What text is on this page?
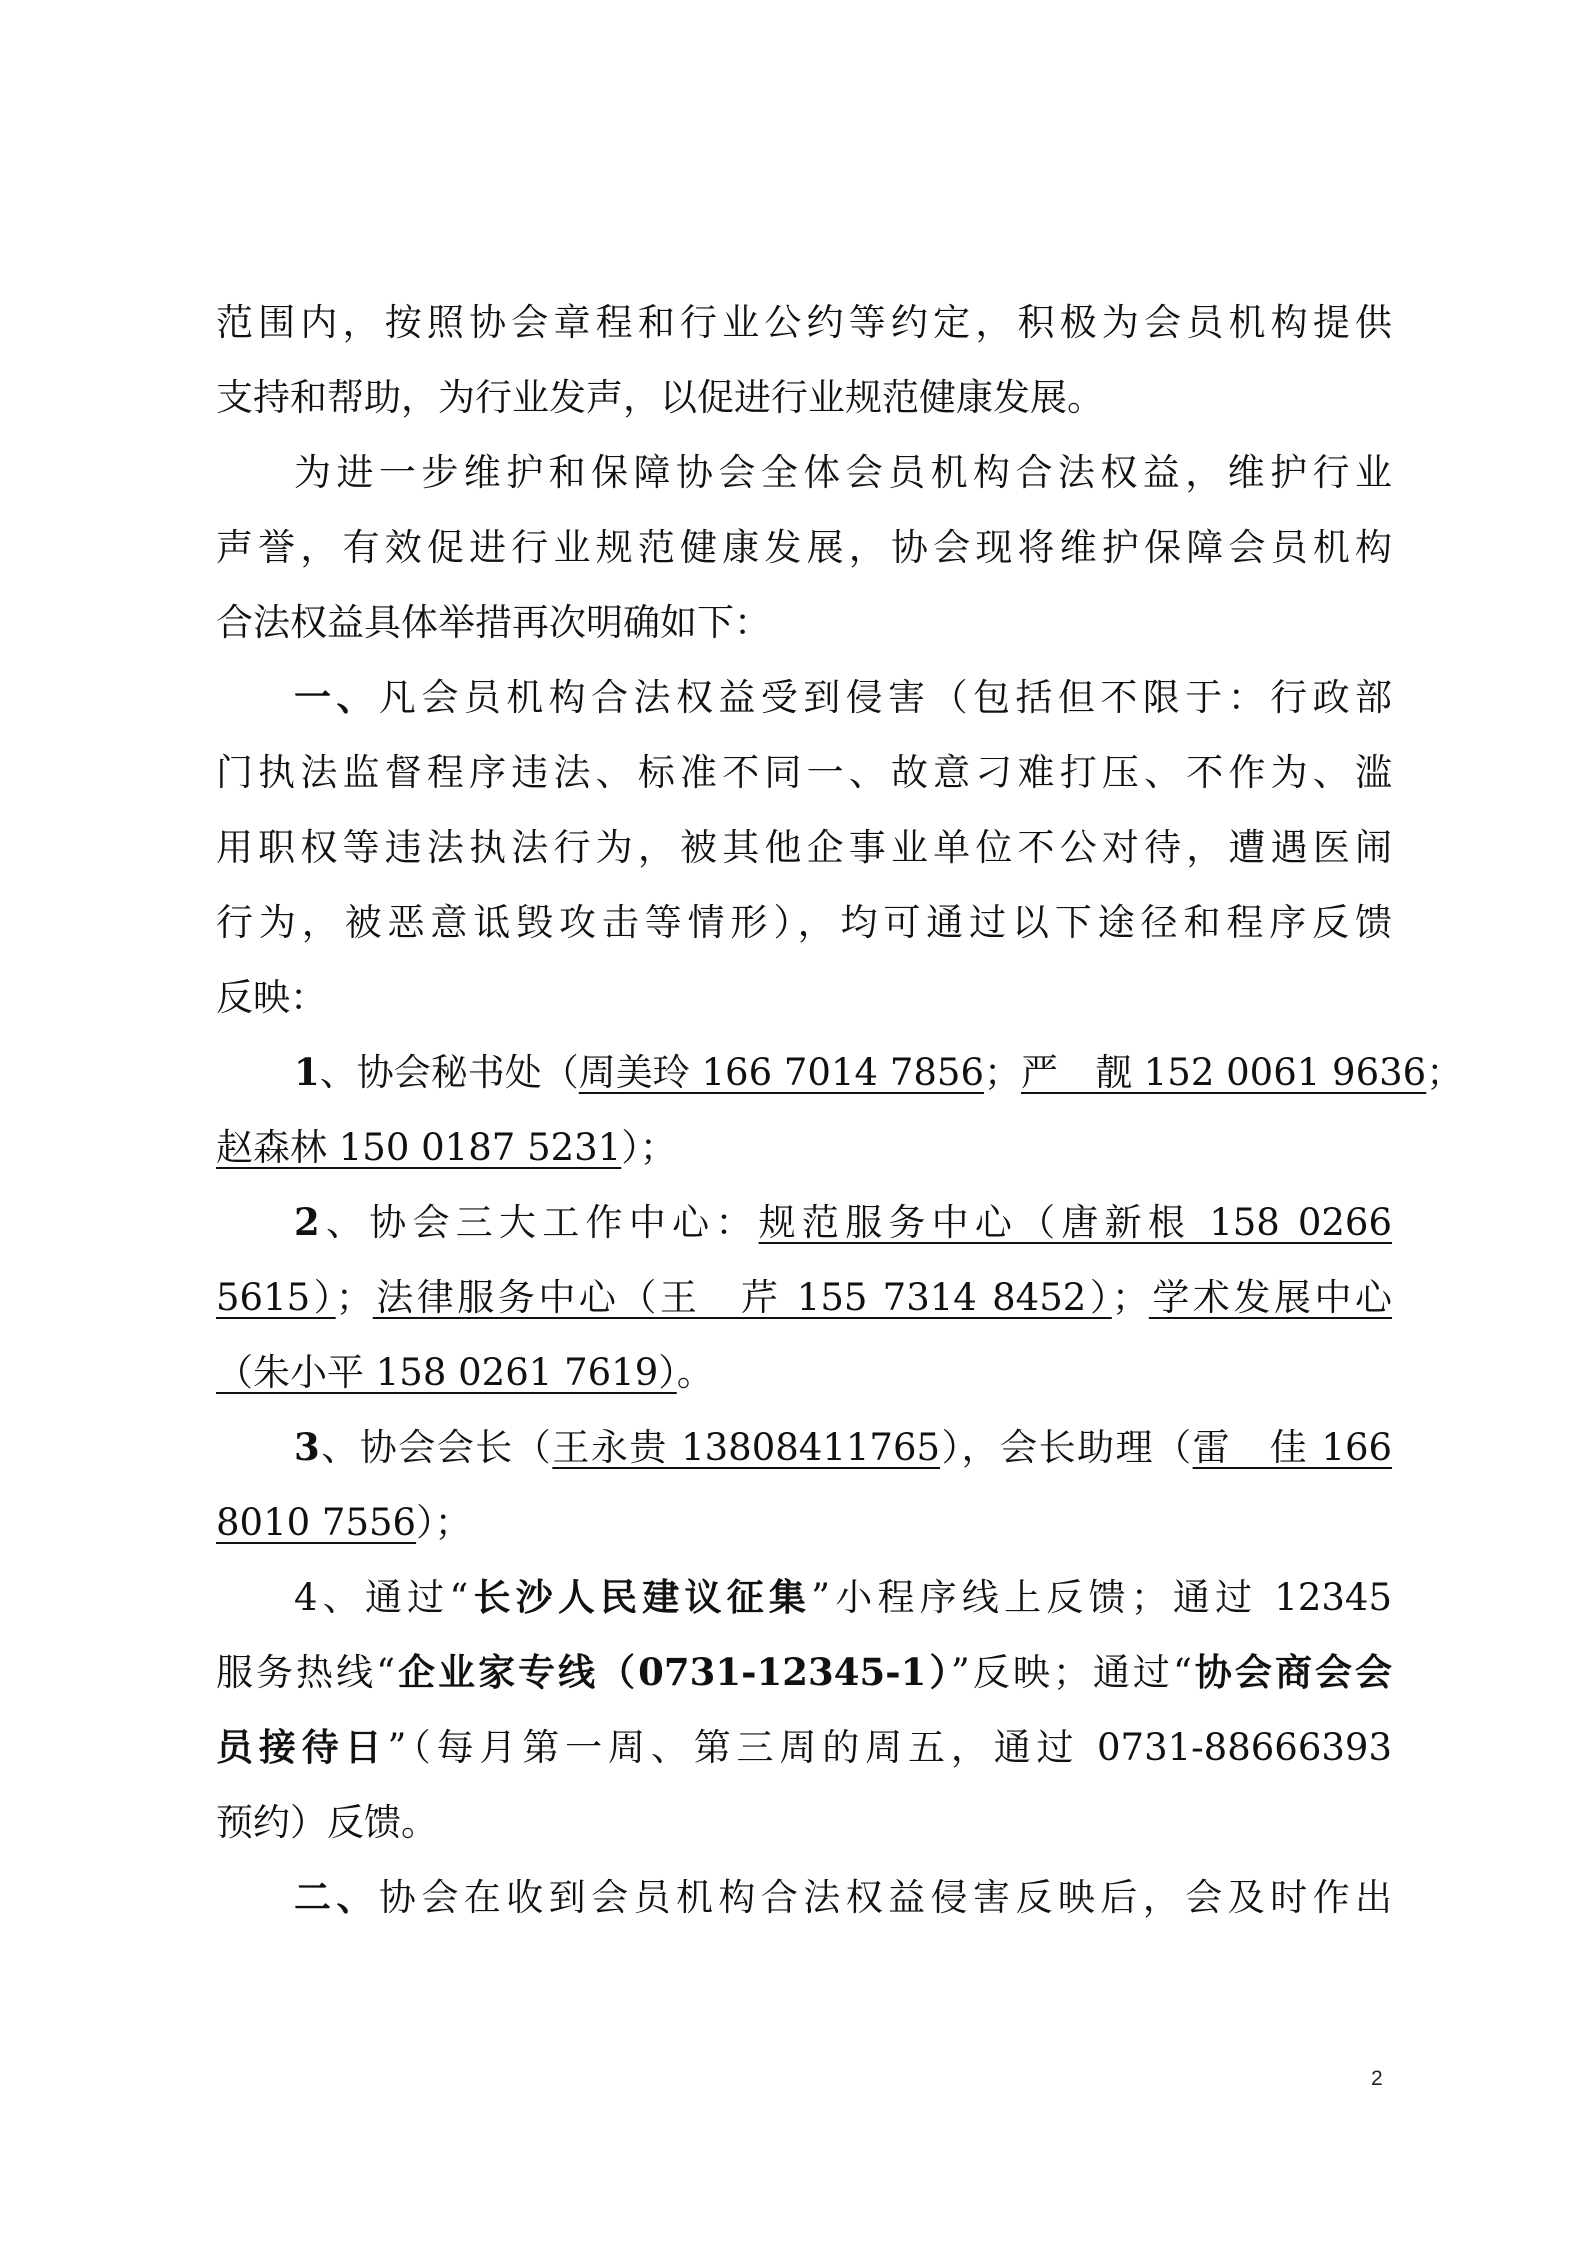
范围内，按照协会章程和行业公约等约定，积极为会员机构提供
支持和帮助，为行业发声，以促进行业规范健康发展。
为进一步维护和保障协会全体会员机构合法权益，维护行业
声誉，有效促进行业规范健康发展，协会现将维护保障会员机构
合法权益具体举措再次明确如下：
一、凡会员机构合法权益受到侵害（包括但不限于：行政部
门执法监督程序违法、标准不同一、故意刁难打压、不作为、滥
用职权等违法执法行为，被其他企事业单位不公对待，遭遇医闹
行为，被恶意诋毁攻击等情形），均可通过以下途径和程序反馈
反映：
1、协会秘书处（周美玲 166 7014 7856；严　靓 152 0061 9636；
赵森林 150 0187 5231）；
2、协会三大工作中心：规范服务中心（唐新根 158 0266
5615）；法律服务中心（王　芹 155 7314 8452）；学术发展中心
（朱小平 158 0261 7619）。
3、协会会长（王永贵 13808411765），会长助理（雷　佳 166
8010 7556）；
4、通过“长沙人民建议征集”小程序线上反馈；通过 12345
服务热线“企业家专线（0731-12345-1）”反映；通过“协会商会会
员接待日”（每月第一周、第三周的周五，通过 0731-88666393
预约）反馈。
二、协会在收到会员机构合法权益侵害反映后，会及时作出
2
